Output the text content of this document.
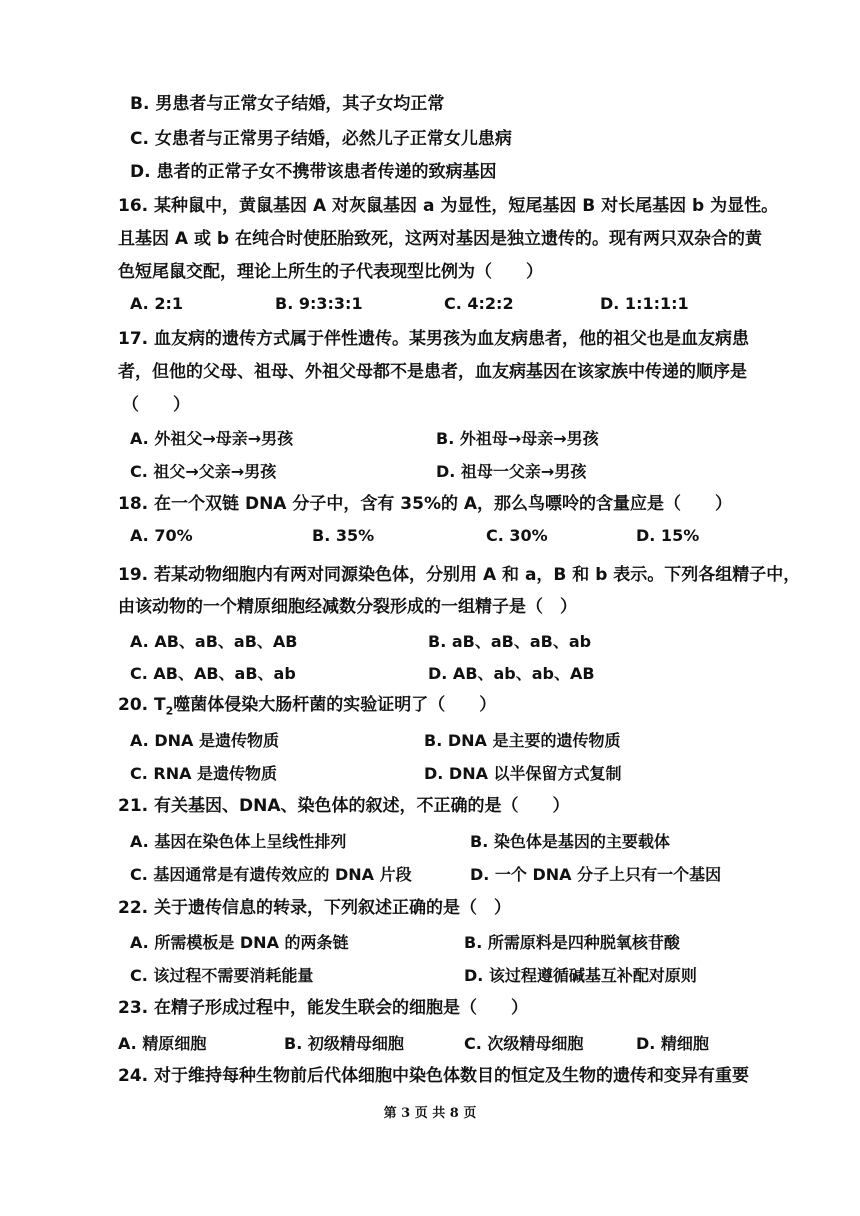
B. 男患者与正常女子结婚，其子女均正常
C. 女患者与正常男子结婚，必然儿子正常女儿患病
D. 患者的正常子女不携带该患者传递的致病基因
16. 某种鼠中，黄鼠基因 A 对灰鼠基因 a 为显性，短尾基因 B 对长尾基因 b 为显性。
且基因 A 或 b 在纯合时使胚胎致死，这两对基因是独立遗传的。现有两只双杂合的黄
色短尾鼠交配，理论上所生的子代表现型比例为（　　）
A. 2:1	B. 9:3:3:1	C. 4:2:2	D. 1:1:1:1
17. 血友病的遗传方式属于伴性遗传。某男孩为血友病患者，他的祖父也是血友病患
者，但他的父母、祖母、外祖父母都不是患者，血友病基因在该家族中传递的顺序是
（　　）
A. 外祖父→母亲→男孩	B. 外祖母→母亲→男孩
C. 祖父→父亲→男孩	D. 祖母一父亲→男孩
18. 在一个双链 DNA 分子中，含有 35%的 A，那么鸟嘌呤的含量应是（　　）
A. 70%	B. 35%	C. 30%	D. 15%
19. 若某动物细胞内有两对同源染色体，分别用 A 和 a，B 和 b 表示。下列各组精子中，
由该动物的一个精原细胞经减数分裂形成的一组精子是（　）
A. AB、aB、aB、AB	B. aB、aB、aB、ab
C. AB、AB、aB、ab	D. AB、ab、ab、AB
20. $T_2$噬菌体侵染大肠杆菌的实验证明了（　　）
A. DNA 是遗传物质	B. DNA 是主要的遗传物质
C. RNA 是遗传物质	D. DNA 以半保留方式复制
21. 有关基因、DNA、染色体的叙述，不正确的是（　　）
A. 基因在染色体上呈线性排列	B. 染色体是基因的主要载体
C. 基因通常是有遗传效应的 DNA 片段	D. 一个 DNA 分子上只有一个基因
22. 关于遗传信息的转录，下列叙述正确的是（　）
A. 所需模板是 DNA 的两条链	B. 所需原料是四种脱氧核苷酸
C. 该过程不需要消耗能量	D. 该过程遵循碱基互补配对原则
23. 在精子形成过程中，能发生联会的细胞是（　　）
A. 精原细胞	B. 初级精母细胞	C. 次级精母细胞	D. 精细胞
24. 对于维持每种生物前后代体细胞中染色体数目的恒定及生物的遗传和变异有重要
第 3 页 共 8 页
